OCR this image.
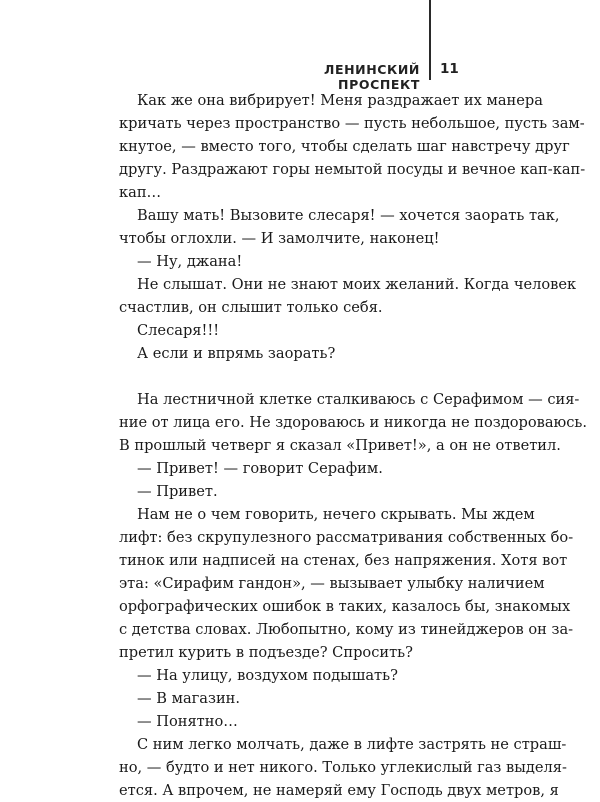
ЛЕНИНСКИЙ ПРОСПЕКТ
11
Как же она вибрирует! Меня раздражает их манера
кричать через пространство — пусть небольшое, пусть зам-
кнутое, — вместо того, чтобы сделать шаг навстречу друг
другу. Раздражают горы немытой посуды и вечное кап-кап-
кап…
Вашу мать! Вызовите слесаря! — хочется заорать так,
чтобы оглохли. — И замолчите, наконец!
— Ну, джана!
Не слышат. Они не знают моих желаний. Когда человек
счастлив, он слышит только себя.
Слесаря!!!
А если и впрямь заорать?
На лестничной клетке сталкиваюсь с Серафимом — сия-
ние от лица его. Не здороваюсь и никогда не поздороваюсь.
В прошлый четверг я сказал «Привет!», а он не ответил.
— Привет! — говорит Серафим.
— Привет.
Нам не о чем говорить, нечего скрывать. Мы ждем
лифт: без скрупулезного рассматривания собственных бо-
тинок или надписей на стенах, без напряжения. Хотя вот
эта: «Сирафим гандон», — вызывает улыбку наличием
орфографических ошибок в таких, казалось бы, знакомых
с детства словах. Любопытно, кому из тинейджеров он за-
претил курить в подъезде? Спросить?
— На улицу, воздухом подышать?
— В магазин.
— Понятно…
С ним легко молчать, даже в лифте застрять не страш-
но, — будто и нет никого. Только углекислый газ выделя-
ется. А впрочем, не намеряй ему Господь двух метров, я
